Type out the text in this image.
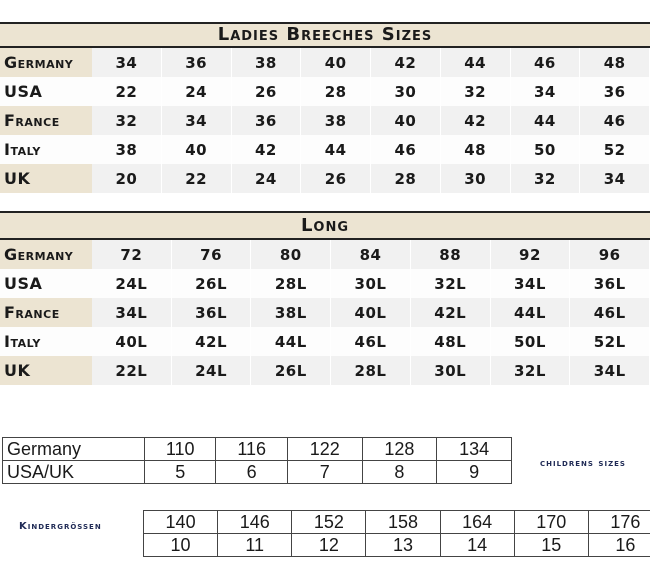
Ladies Breeches Sizes
Germany	34	36	38	40	42	44	46	48
USA	22	24	26	28	30	32	34	36
France	32	34	36	38	40	42	44	46
Italy	38	40	42	44	46	48	50	52
UK	20	22	24	26	28	30	32	34
Long
Germany	72	76	80	84	88	92	96
USA	24L	26L	28L	30L	32L	34L	36L
France	34L	36L	38L	40L	42L	44L	46L
Italy	40L	42L	44L	46L	48L	50L	52L
UK	22L	24L	26L	28L	30L	32L	34L
Germany	110	116	122	128	134
USA/UK	5	6	7	8	9	childrens sizes
Kindergrössen	140	146	152	158	164	170	176
10	11	12	13	14	15	16
